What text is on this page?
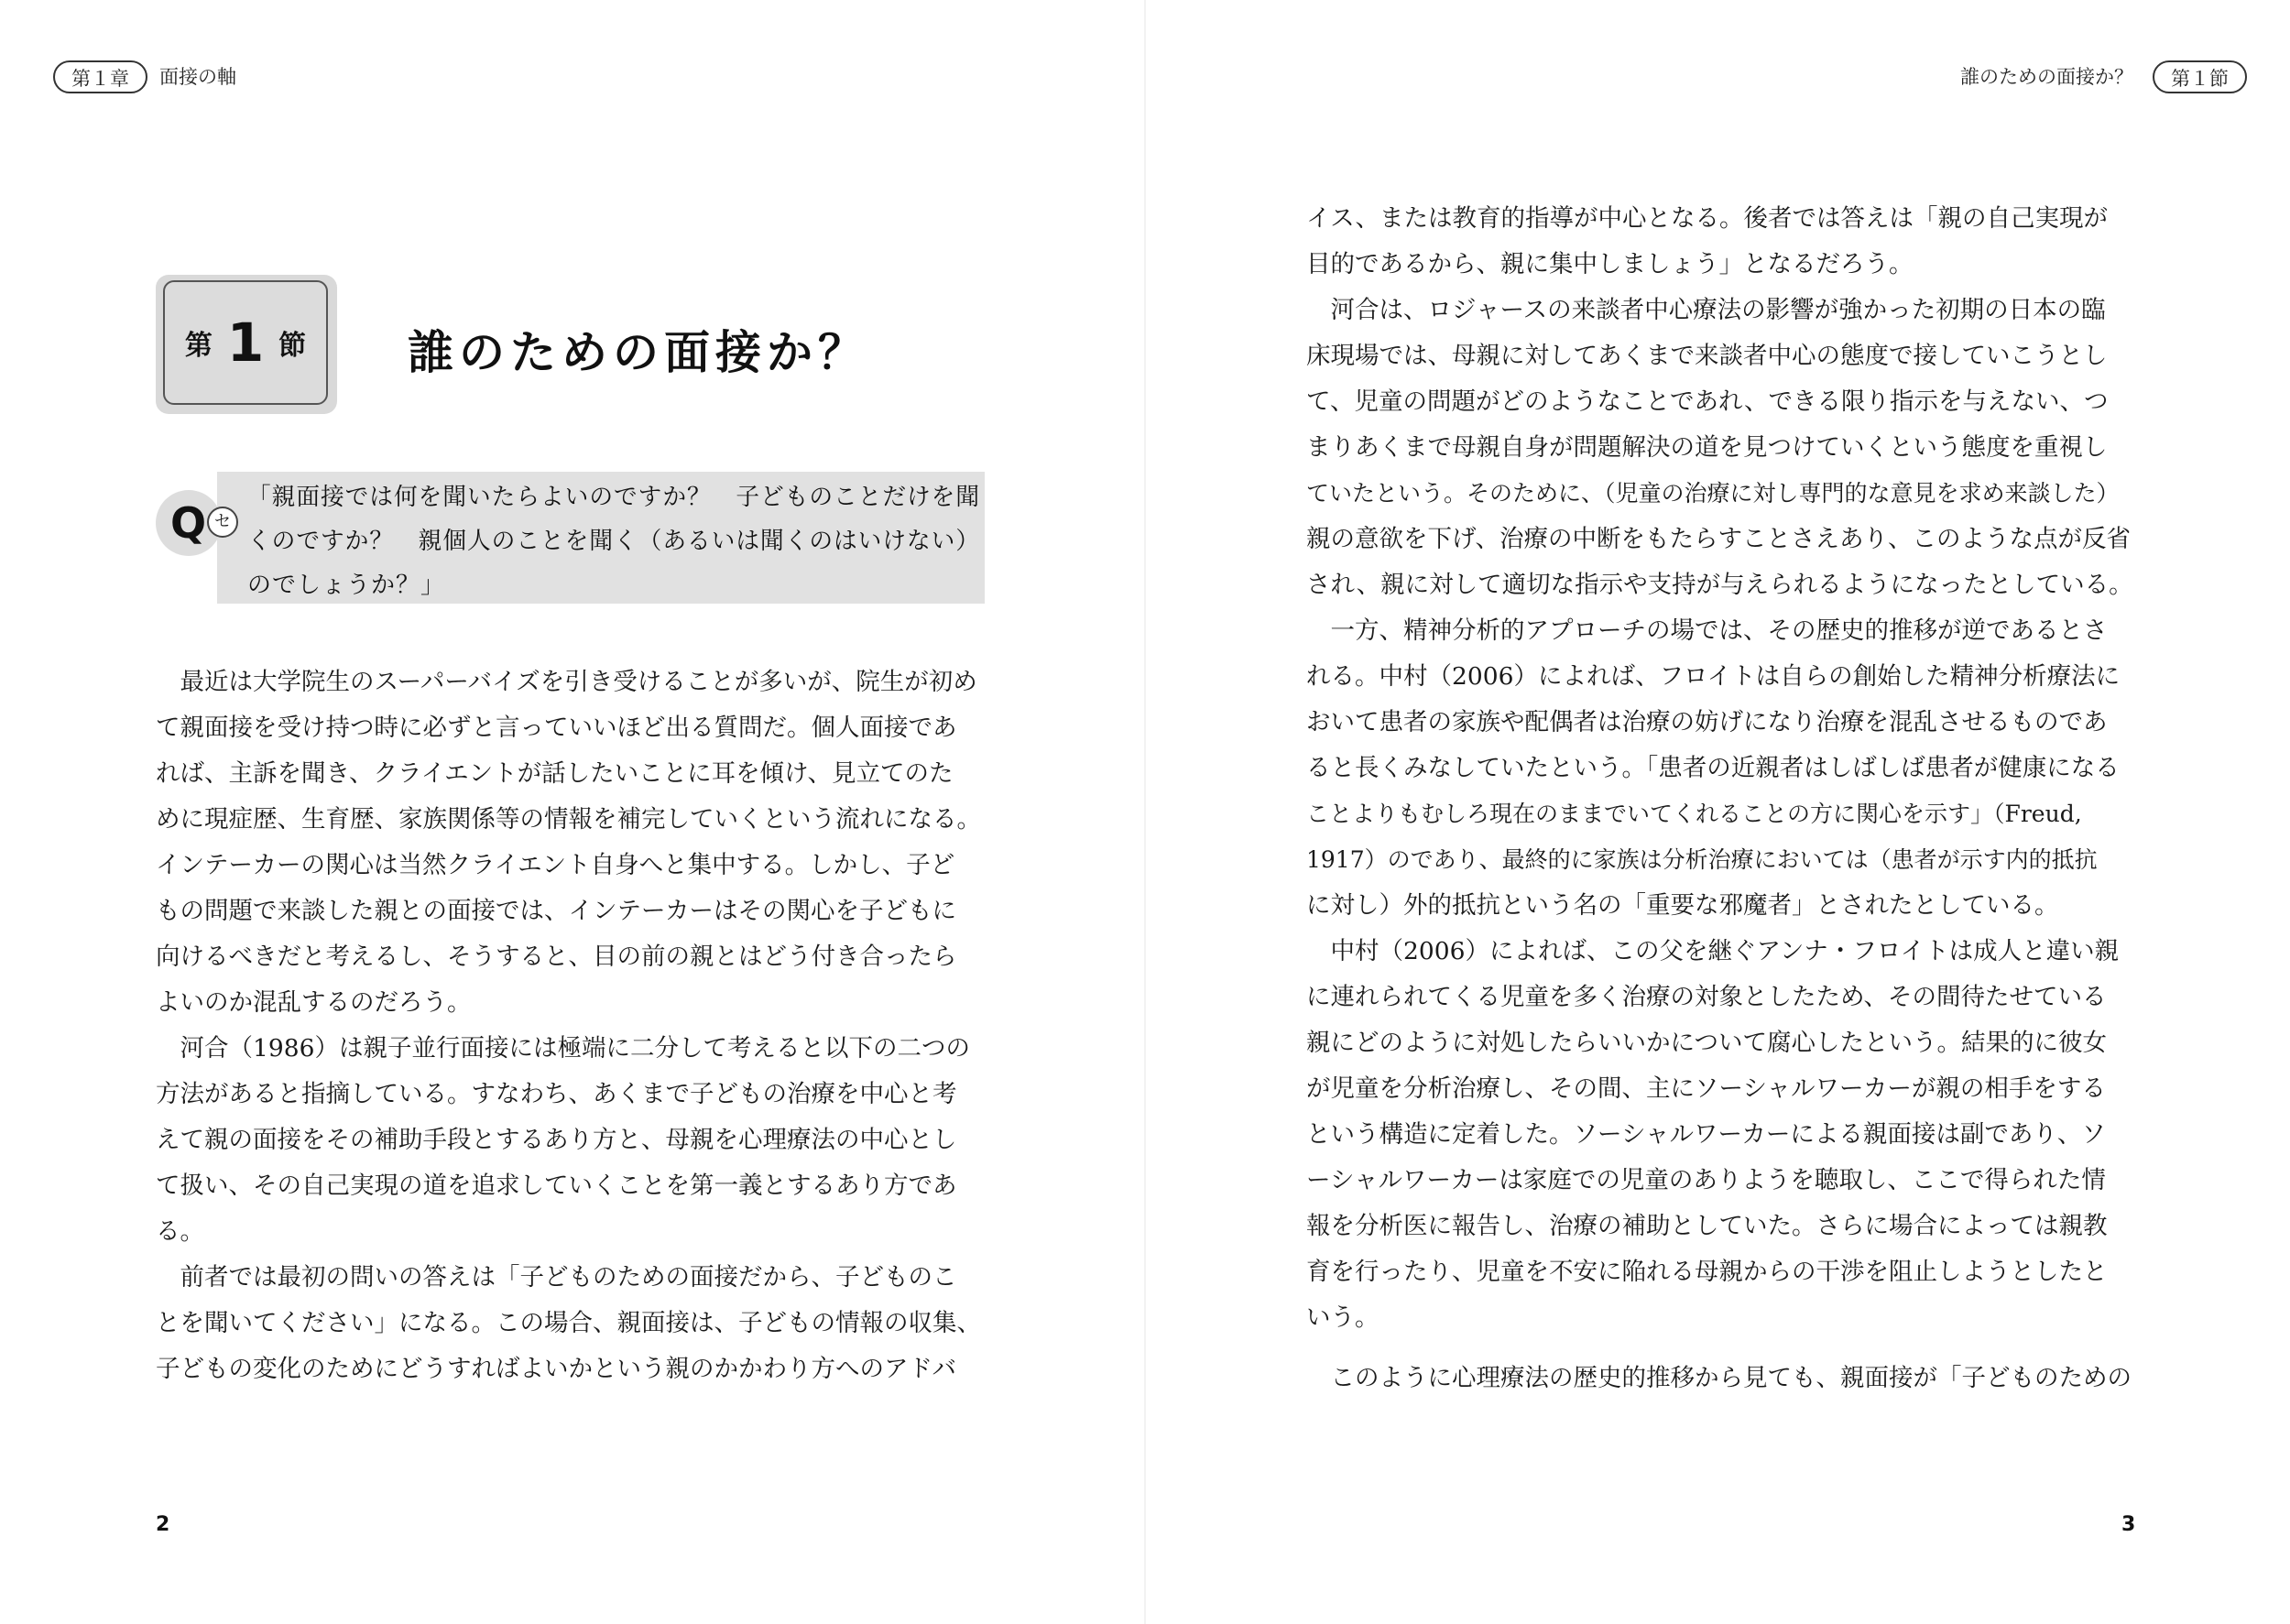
第１章	面接の軸
第 1 節 誰のための面接か？
Q セ
「親面接では何を聞いたらよいのですか？　子どものことだけを聞
くのですか？　親個人のことを聞く（あるいは聞くのはいけない）
のでしょうか？」
　最近は大学院生のスーパーバイズを引き受けることが多いが、院生が初め
て親面接を受け持つ時に必ずと言っていいほど出る質問だ。個人面接であ
れば、主訴を聞き、クライエントが話したいことに耳を傾け、見立てのた
めに現症歴、生育歴、家族関係等の情報を補完していくという流れになる。
インテーカーの関心は当然クライエント自身へと集中する。しかし、子ど
もの問題で来談した親との面接では、インテーカーはその関心を子どもに
向けるべきだと考えるし、そうすると、目の前の親とはどう付き合ったら
よいのか混乱するのだろう。
　河合（1986）は親子並行面接には極端に二分して考えると以下の二つの
方法があると指摘している。すなわち、あくまで子どもの治療を中心と考
えて親の面接をその補助手段とするあり方と、母親を心理療法の中心とし
て扱い、その自己実現の道を追求していくことを第一義とするあり方であ
る。
　前者では最初の問いの答えは「子どものための面接だから、子どものこ
とを聞いてください」になる。この場合、親面接は、子どもの情報の収集、
子どもの変化のためにどうすればよいかという親のかかわり方へのアドバ
2
誰のための面接か？	第１節
イス、または教育的指導が中心となる。後者では答えは「親の自己実現が
目的であるから、親に集中しましょう」となるだろう。
　河合は、ロジャースの来談者中心療法の影響が強かった初期の日本の臨
床現場では、母親に対してあくまで来談者中心の態度で接していこうとし
て、児童の問題がどのようなことであれ、できる限り指示を与えない、つ
まりあくまで母親自身が問題解決の道を見つけていくという態度を重視し
ていたという。そのために、（児童の治療に対し専門的な意見を求め来談した）
親の意欲を下げ、治療の中断をもたらすことさえあり、このような点が反省
され、親に対して適切な指示や支持が与えられるようになったとしている。
　一方、精神分析的アプローチの場では、その歴史的推移が逆であるとさ
れる。中村（2006）によれば、フロイトは自らの創始した精神分析療法に
おいて患者の家族や配偶者は治療の妨げになり治療を混乱させるものであ
ると長くみなしていたという。「患者の近親者はしばしば患者が健康になる
ことよりもむしろ現在のままでいてくれることの方に関心を示す」（Freud,
1917）のであり、最終的に家族は分析治療においては（患者が示す内的抵抗
に対し）外的抵抗という名の「重要な邪魔者」とされたとしている。
　中村（2006）によれば、この父を継ぐアンナ・フロイトは成人と違い親
に連れられてくる児童を多く治療の対象としたため、その間待たせている
親にどのように対処したらいいかについて腐心したという。結果的に彼女
が児童を分析治療し、その間、主にソーシャルワーカーが親の相手をする
という構造に定着した。ソーシャルワーカーによる親面接は副であり、ソ
ーシャルワーカーは家庭での児童のありようを聴取し、ここで得られた情
報を分析医に報告し、治療の補助としていた。さらに場合によっては親教
育を行ったり、児童を不安に陥れる母親からの干渉を阻止しようとしたと
いう。
　このように心理療法の歴史的推移から見ても、親面接が「子どものための
3
